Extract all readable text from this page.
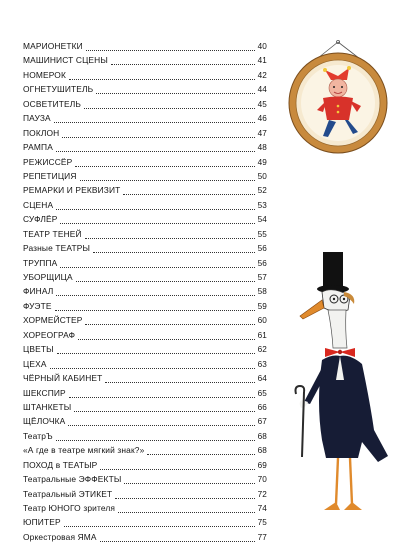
МАРИОНЕТКИ	40
МАШИНИСТ СЦЕНЫ	41
НОМЕРОК	42
ОГНЕТУШИТЕЛЬ	44
ОСВЕТИТЕЛЬ	45
ПАУЗА	46
ПОКЛОН	47
РАМПА	48
РЕЖИССЁР	49
РЕПЕТИЦИЯ	50
РЕМАРКИ И РЕКВИЗИТ	52
СЦЕНА	53
СУФЛЁР	54
ТЕАТР ТЕНЕЙ	55
Разные ТЕАТРЫ	56
ТРУППА	56
УБОРЩИЦА	57
ФИНАЛ	58
ФУЭТЕ	59
ХОРМЕЙСТЕР	60
ХОРЕОГРАФ	61
ЦВЕТЫ	62
ЦЕХА	63
ЧЁРНЫЙ КАБИНЕТ	64
ШЕКСПИР	65
ШТАНКЕТЫ	66
ЩЁЛОЧКА	67
ТеатрЪ	68
«А где в театре мягкий знак?»	68
ПОХОД в ТЕАТЫР	69
Театральные ЭФФЕКТЫ	70
Театральный ЭТИКЕТ	72
Театр ЮНОГО зрителя	74
ЮПИТЕР	75
Оркестровая ЯМА	77
